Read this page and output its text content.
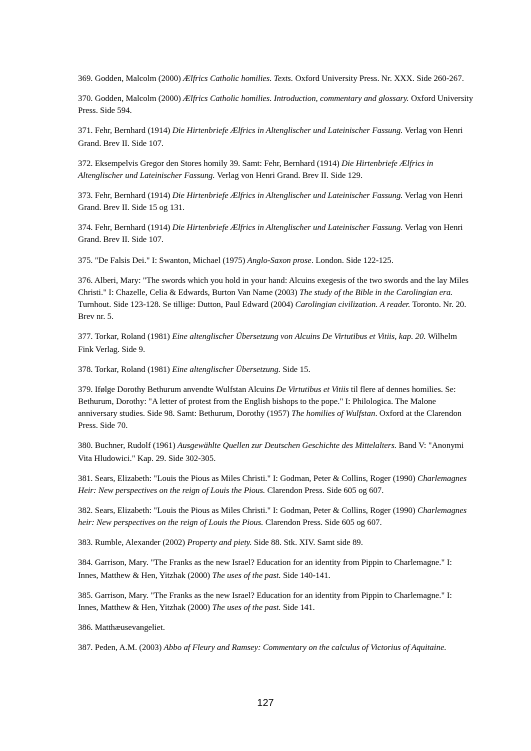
369. Godden, Malcolm (2000) Ælfrics Catholic homilies. Texts. Oxford University Press. Nr. XXX. Side 260-267.

370. Godden, Malcolm (2000) Ælfrics Catholic homilies. Introduction, commentary and glossary. Oxford University Press. Side 594.

371. Fehr, Bernhard (1914) Die Hirtenbriefe Ælfrics in Altenglischer und Lateinischer Fassung. Verlag von Henri Grand. Brev II. Side 107.

372. Eksempelvis Gregor den Stores homily 39. Samt: Fehr, Bernhard (1914) Die Hirtenbriefe Ælfrics in Altenglischer und Lateinischer Fassung. Verlag von Henri Grand. Brev II. Side 129.

373. Fehr, Bernhard (1914) Die Hirtenbriefe Ælfrics in Altenglischer und Lateinischer Fassung. Verlag von Henri Grand. Brev II. Side 15 og 131.

374. Fehr, Bernhard (1914) Die Hirtenbriefe Ælfrics in Altenglischer und Lateinischer Fassung. Verlag von Henri Grand. Brev II. Side 107.

375. "De Falsis Dei." I: Swanton, Michael (1975) Anglo-Saxon prose. London. Side 122-125.

376. Alberi, Mary: "The swords which you hold in your hand: Alcuins exegesis of the two swords and the lay Miles Christi." I: Chazelle, Celia & Edwards, Burton Van Name (2003) The study of the Bible in the Carolingian era. Turnhout. Side 123-128. Se tillige: Dutton, Paul Edward (2004) Carolingian civilization. A reader. Toronto. Nr. 20. Brev nr. 5.

377. Torkar, Roland (1981) Eine altenglischer Übersetzung von Alcuins De Virtutibus et Vitiis, kap. 20. Wilhelm Fink Verlag. Side 9.

378. Torkar, Roland (1981) Eine altenglischer Übersetzung. Side 15.

379. Ifølge Dorothy Bethurum anvendte Wulfstan Alcuins De Virtutibus et Vitiis til flere af dennes homilies. Se: Bethurum, Dorothy: "A letter of protest from the English bishops to the pope." I: Philologica. The Malone anniversary studies. Side 98. Samt: Bethurum, Dorothy (1957) The homilies of Wulfstan. Oxford at the Clarendon Press. Side 70.

380. Buchner, Rudolf (1961) Ausgewählte Quellen zur Deutschen Geschichte des Mittelalters. Band V: "Anonymi Vita Hludowici." Kap. 29. Side 302-305.

381. Sears, Elizabeth: "Louis the Pious as Miles Christi." I: Godman, Peter & Collins, Roger (1990) Charlemagnes Heir: New perspectives on the reign of Louis the Pious. Clarendon Press. Side 605 og 607.

382. Sears, Elizabeth: "Louis the Pious as Miles Christi." I: Godman, Peter & Collins, Roger (1990) Charlemagnes heir: New perspectives on the reign of Louis the Pious. Clarendon Press. Side 605 og 607.

383. Rumble, Alexander (2002) Property and piety. Side 88. Stk. XIV. Samt side 89.

384. Garrison, Mary. "The Franks as the new Israel? Education for an identity from Pippin to Charlemagne." I: Innes, Matthew & Hen, Yitzhak (2000) The uses of the past. Side 140-141.

385. Garrison, Mary. "The Franks as the new Israel? Education for an identity from Pippin to Charlemagne." I: Innes, Matthew & Hen, Yitzhak (2000) The uses of the past. Side 141.

386. Matthæusevangeliet.

387. Peden, A.M. (2003) Abbo af Fleury and Ramsey: Commentary on the calculus of Victorius of Aquitaine.

127
